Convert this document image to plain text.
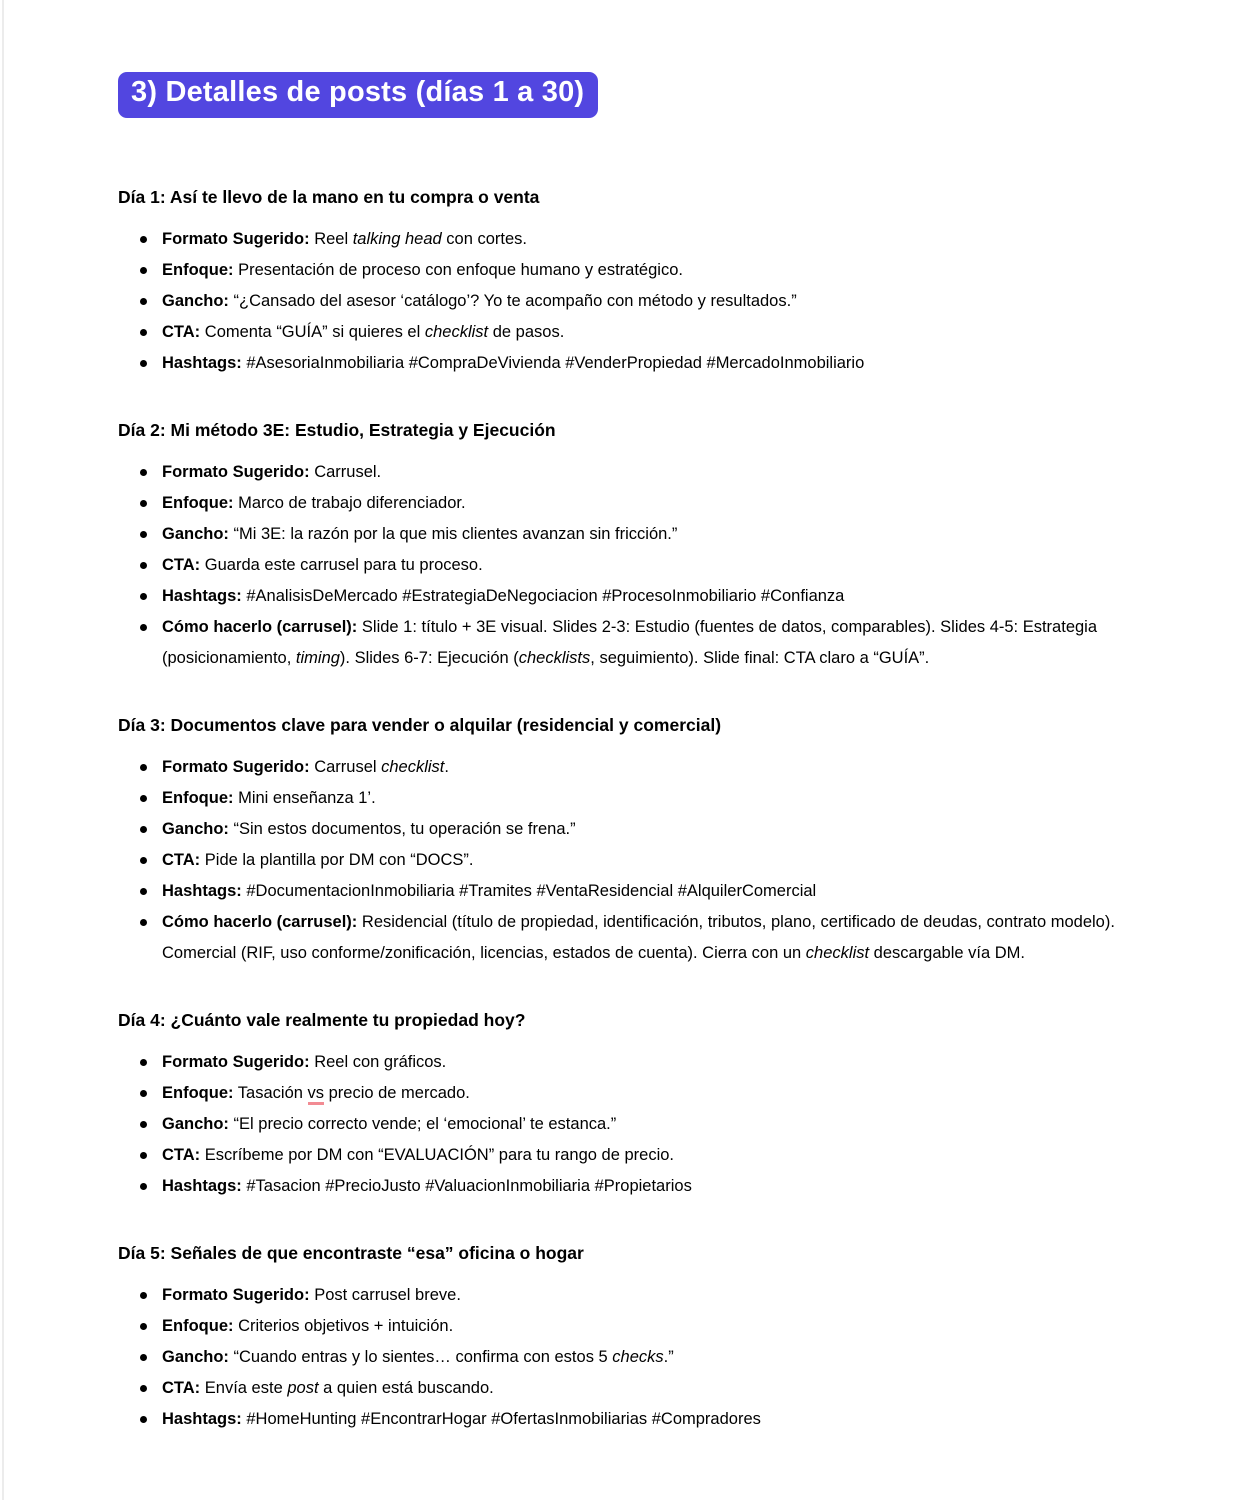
3) Detalles de posts (días 1 a 30)
Día 1: Así te llevo de la mano en tu compra o venta
Formato Sugerido: Reel talking head con cortes.
Enfoque: Presentación de proceso con enfoque humano y estratégico.
Gancho: “¿Cansado del asesor ‘catálogo’? Yo te acompaño con método y resultados.”
CTA: Comenta “GUÍA” si quieres el checklist de pasos.
Hashtags: #AsesoriaInmobiliaria #CompraDeVivienda #VenderPropiedad #MercadoInmobiliario
Día 2: Mi método 3E: Estudio, Estrategia y Ejecución
Formato Sugerido: Carrusel.
Enfoque: Marco de trabajo diferenciador.
Gancho: “Mi 3E: la razón por la que mis clientes avanzan sin fricción.”
CTA: Guarda este carrusel para tu proceso.
Hashtags: #AnalisisDeMercado #EstrategiaDeNegociacion #ProcesoInmobiliario #Confianza
Cómo hacerlo (carrusel): Slide 1: título + 3E visual. Slides 2-3: Estudio (fuentes de datos, comparables). Slides 4-5: Estrategia (posicionamiento, timing). Slides 6-7: Ejecución (checklists, seguimiento). Slide final: CTA claro a “GUÍA”.
Día 3: Documentos clave para vender o alquilar (residencial y comercial)
Formato Sugerido: Carrusel checklist.
Enfoque: Mini enseñanza 1’.
Gancho: “Sin estos documentos, tu operación se frena.”
CTA: Pide la plantilla por DM con “DOCS”.
Hashtags: #DocumentacionInmobiliaria #Tramites #VentaResidencial #AlquilerComercial
Cómo hacerlo (carrusel): Residencial (título de propiedad, identificación, tributos, plano, certificado de deudas, contrato modelo). Comercial (RIF, uso conforme/zonificación, licencias, estados de cuenta). Cierra con un checklist descargable vía DM.
Día 4: ¿Cuánto vale realmente tu propiedad hoy?
Formato Sugerido: Reel con gráficos.
Enfoque: Tasación vs precio de mercado.
Gancho: “El precio correcto vende; el ‘emocional’ te estanca.”
CTA: Escríbeme por DM con “EVALUACIÓN” para tu rango de precio.
Hashtags: #Tasacion #PrecioJusto #ValuacionInmobiliaria #Propietarios
Día 5: Señales de que encontraste “esa” oficina o hogar
Formato Sugerido: Post carrusel breve.
Enfoque: Criterios objetivos + intuición.
Gancho: “Cuando entras y lo sientes… confirma con estos 5 checks.”
CTA: Envía este post a quien está buscando.
Hashtags: #HomeHunting #EncontrarHogar #OfertasInmobiliarias #Compradores
